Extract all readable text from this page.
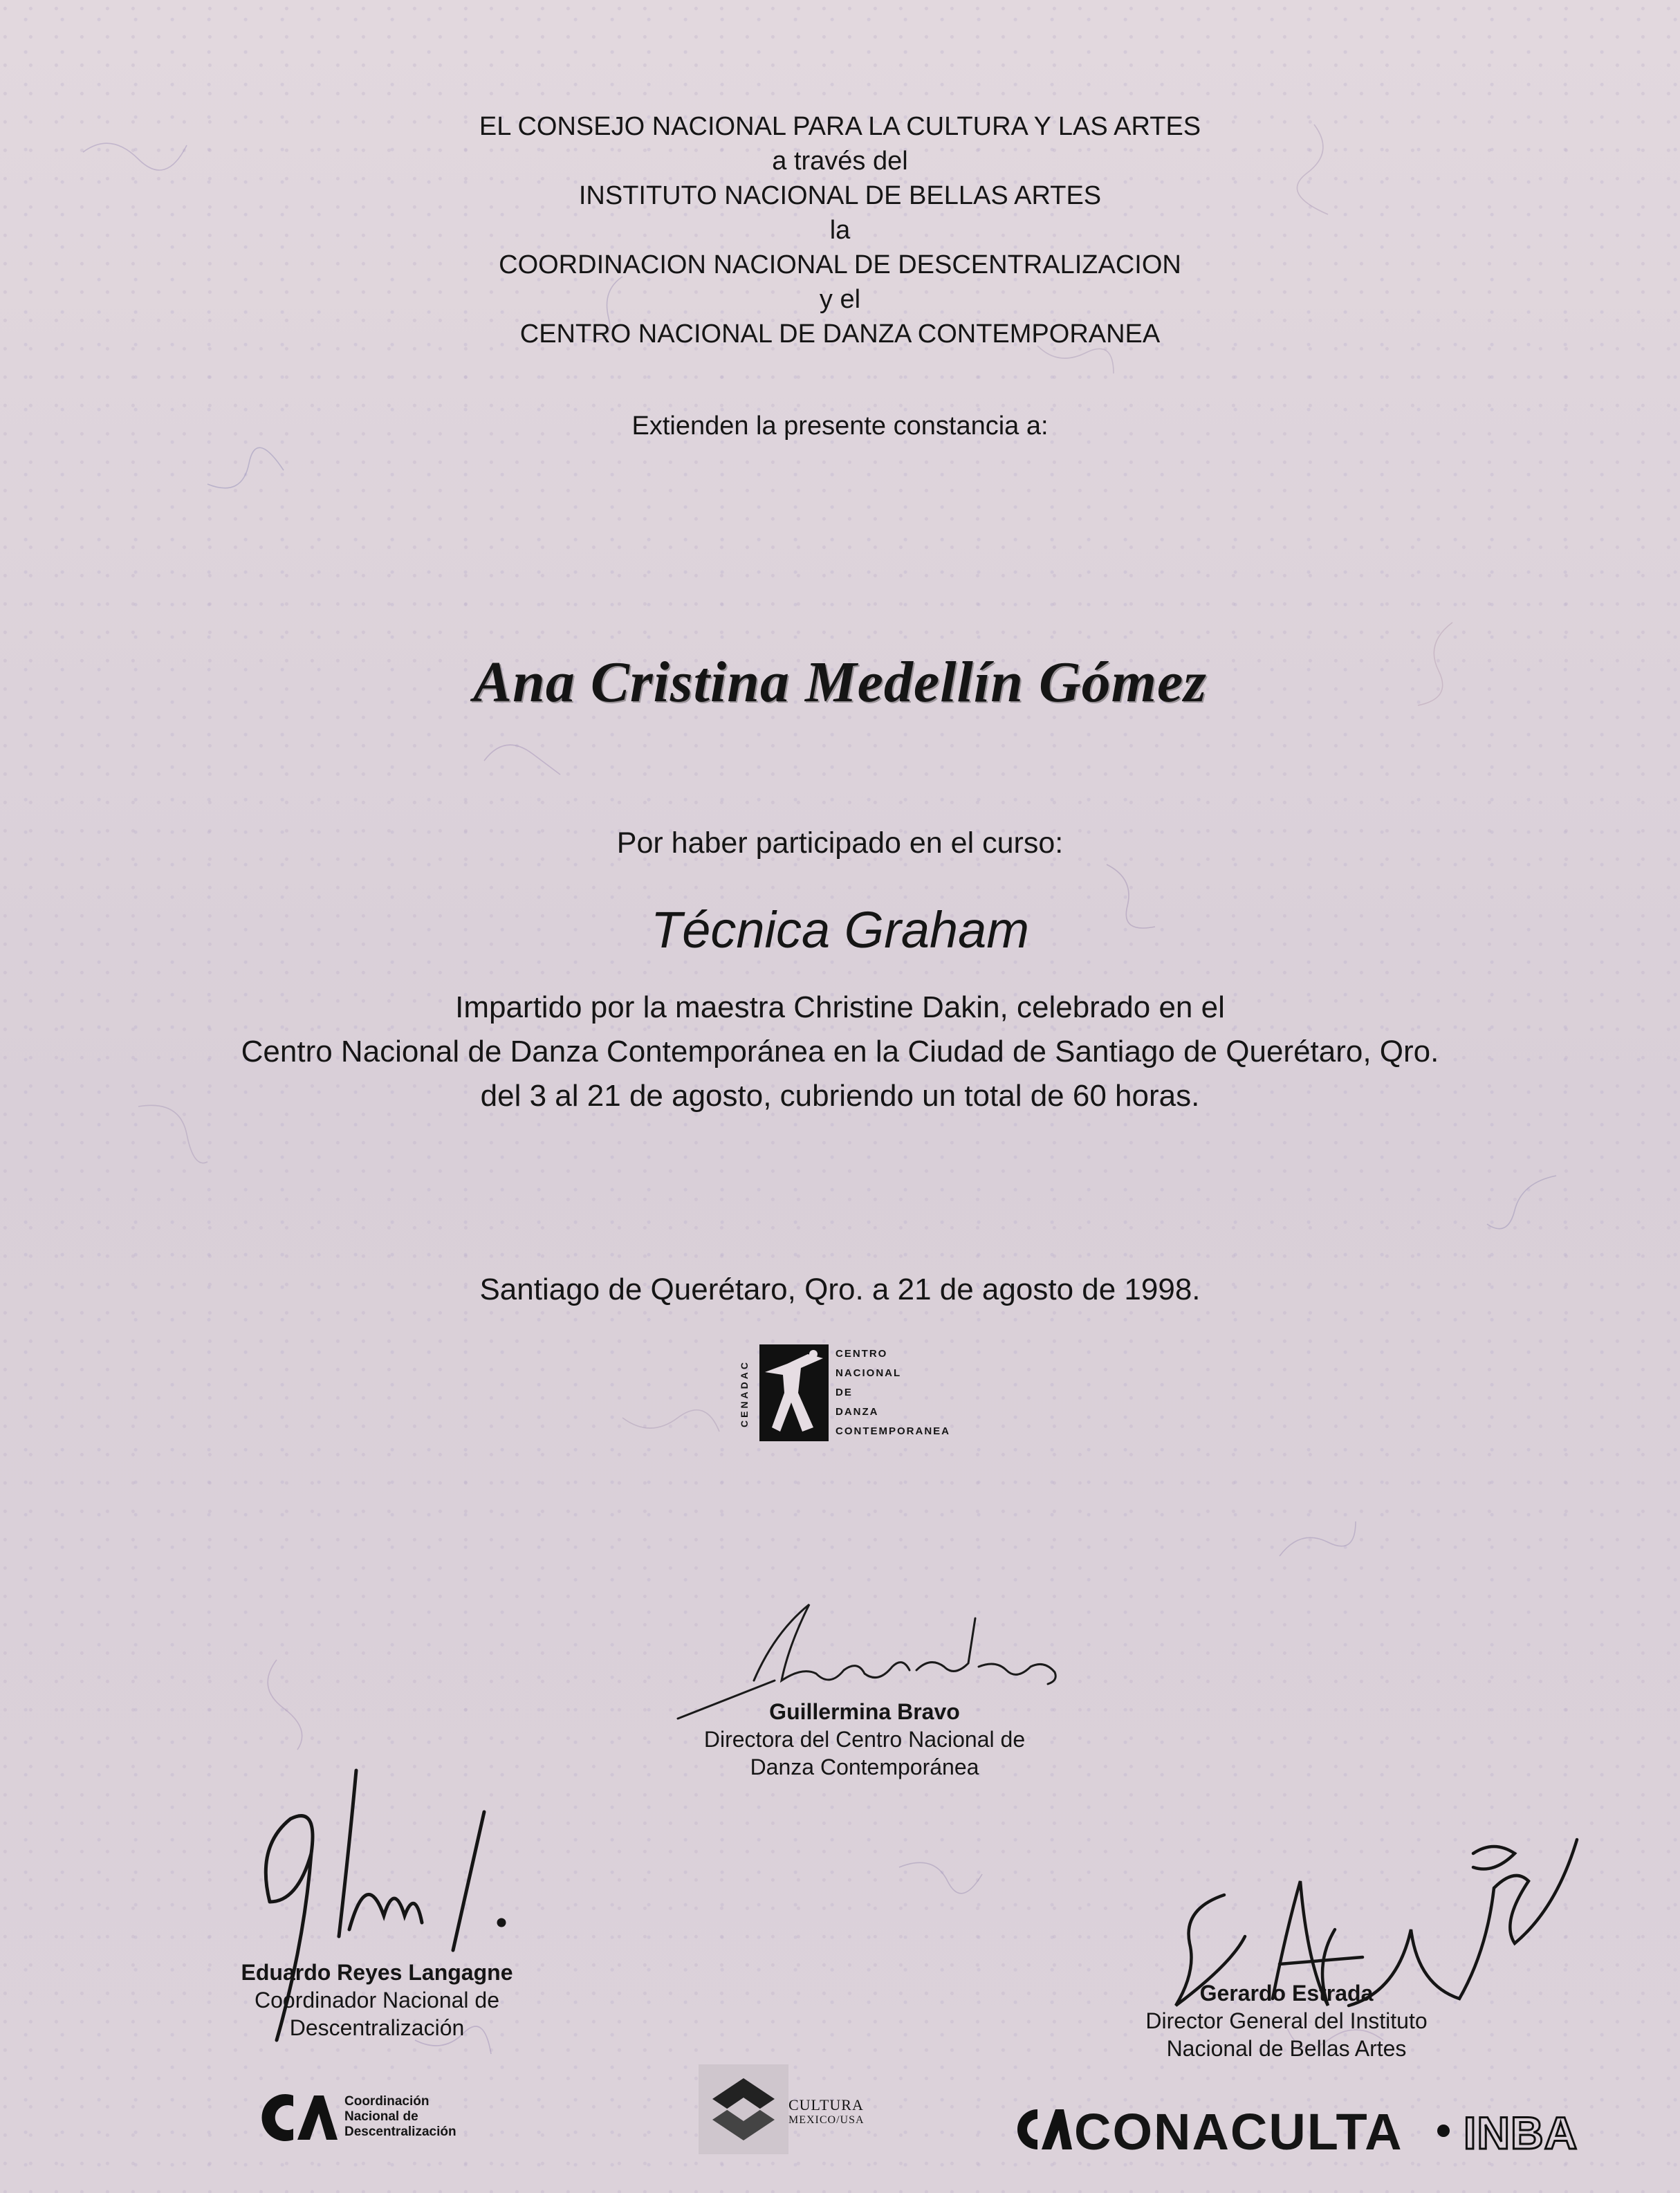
EL CONSEJO NACIONAL PARA LA CULTURA Y LAS ARTES
a través del
INSTITUTO NACIONAL DE BELLAS ARTES
la
COORDINACION NACIONAL DE DESCENTRALIZACION
y el
CENTRO NACIONAL DE DANZA CONTEMPORANEA
Extienden la presente constancia a:
Ana Cristina Medellín Gómez
Por haber participado en el curso:
Técnica Graham
Impartido por la maestra Christine Dakin, celebrado en el
Centro Nacional de Danza Contemporánea en la Ciudad de Santiago de Querétaro, Qro.
del 3 al 21 de agosto, cubriendo un total de 60 horas.
Santiago de Querétaro, Qro. a 21 de agosto de 1998.
CENADAC
CENTRO
NACIONAL
DE
DANZA
CONTEMPORANEA
Guillermina Bravo
Directora del Centro Nacional de
Danza Contemporánea
Eduardo Reyes Langagne
Coordinador Nacional de
Descentralización
Gerardo Estrada
Director General del Instituto
Nacional de Bellas Artes
Coordinación
Nacional de
Descentralización
CULTURA
MEXICO/USA	CONACULTA INBA
